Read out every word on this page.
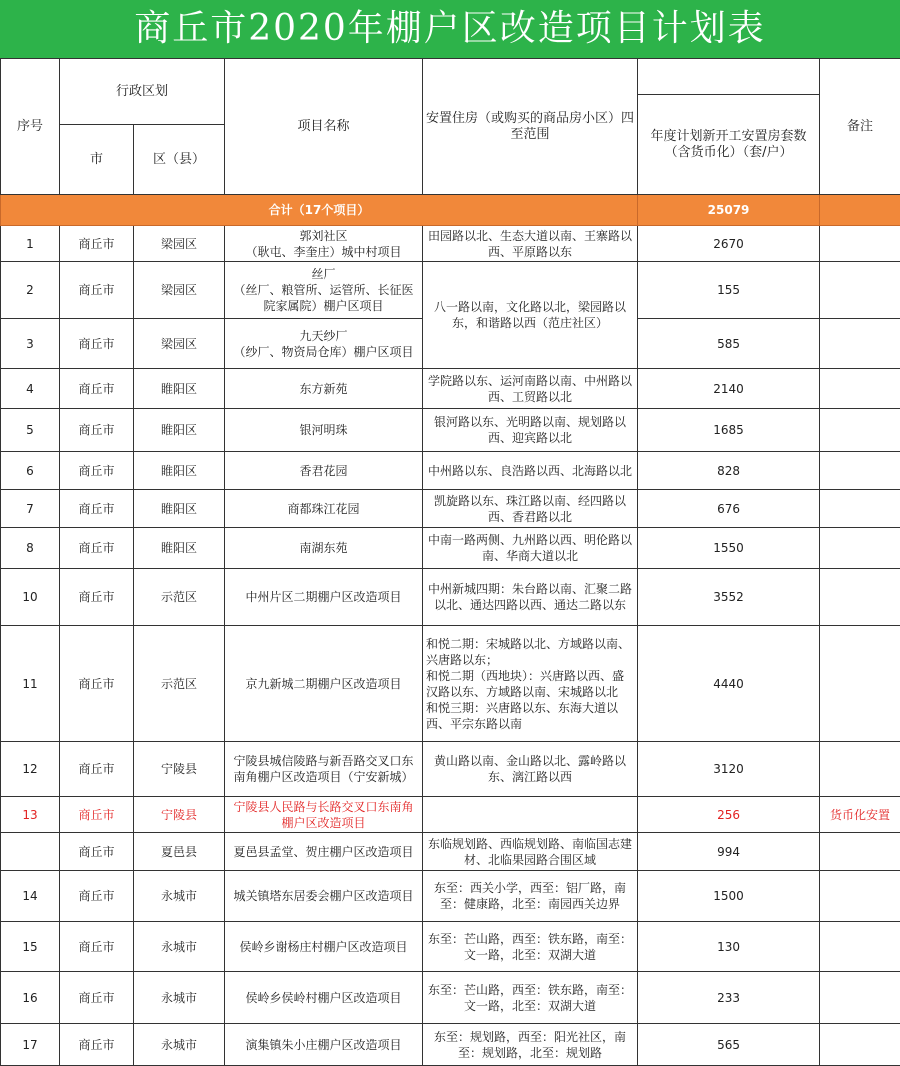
商丘市2020年棚户区改造项目计划表
序号	行政区划		项目名称	安置住房（或购买的商品房小区）四至范围		备注
					年度计划新开工安置房套数（含货币化）（套/户）	
	市	区（县）				
合计（17个项目）					25079	
1	商丘市	梁园区	郭刘社区
（耿屯、李奎庄）城中村项目	田园路以北、生态大道以南、王寨路以西、平原路以东	2670	
2	商丘市	梁园区	丝厂
（丝厂、粮管所、运管所、长征医院家属院）棚户区项目	八一路以南，文化路以北，梁园路以东，和谐路以西（范庄社区）	155	
3	商丘市	梁园区	九天纱厂
（纱厂、物资局仓库）棚户区项目		585	
4	商丘市	睢阳区	东方新苑	学院路以东、运河南路以南、中州路以西、工贸路以北	2140	
5	商丘市	睢阳区	银河明珠	银河路以东、光明路以南、规划路以西、迎宾路以北	1685	
6	商丘市	睢阳区	香君花园	中州路以东、良浩路以西、北海路以北	828	
7	商丘市	睢阳区	商都珠江花园	凯旋路以东、珠江路以南、经四路以西、香君路以北	676	
8	商丘市	睢阳区	南湖东苑	中南一路两侧、九州路以西、明伦路以南、华商大道以北	1550	
10	商丘市	示范区	中州片区二期棚户区改造项目	中州新城四期：朱台路以南、汇聚二路以北、通达四路以西、通达二路以东	3552	
11	商丘市	示范区	京九新城二期棚户区改造项目	和悦二期：宋城路以北、方域路以南、兴唐路以东；
和悦二期（西地块）：兴唐路以西、盛汉路以东、方域路以南、宋城路以北
和悦三期：兴唐路以东、东海大道以西、平宗东路以南	4440	
12	商丘市	宁陵县	宁陵县城信陵路与新吾路交叉口东南角棚户区改造项目（宁安新城）	黄山路以南、金山路以北、露岭路以东、漓江路以西	3120	
13	商丘市	宁陵县	宁陵县人民路与长路交叉口东南角棚户区改造项目		256	货币化安置
	商丘市	夏邑县	夏邑县孟堂、贺庄棚户区改造项目	东临规划路、西临规划路、南临国志建材、北临果园路合围区域	994	
14	商丘市	永城市	城关镇塔东居委会棚户区改造项目	东至：西关小学，西至：铝厂路，南至：健康路，北至：南园西关边界	1500	
15	商丘市	永城市	侯岭乡谢杨庄村棚户区改造项目	东至：芒山路，西至：铁东路，南至：文一路，北至：双湖大道	130	
16	商丘市	永城市	侯岭乡侯岭村棚户区改造项目	东至：芒山路，西至：铁东路，南至：文一路，北至：双湖大道	233	
17	商丘市	永城市	演集镇朱小庄棚户区改造项目	东至：规划路，西至：阳光社区，南至：规划路，北至：规划路	565	
